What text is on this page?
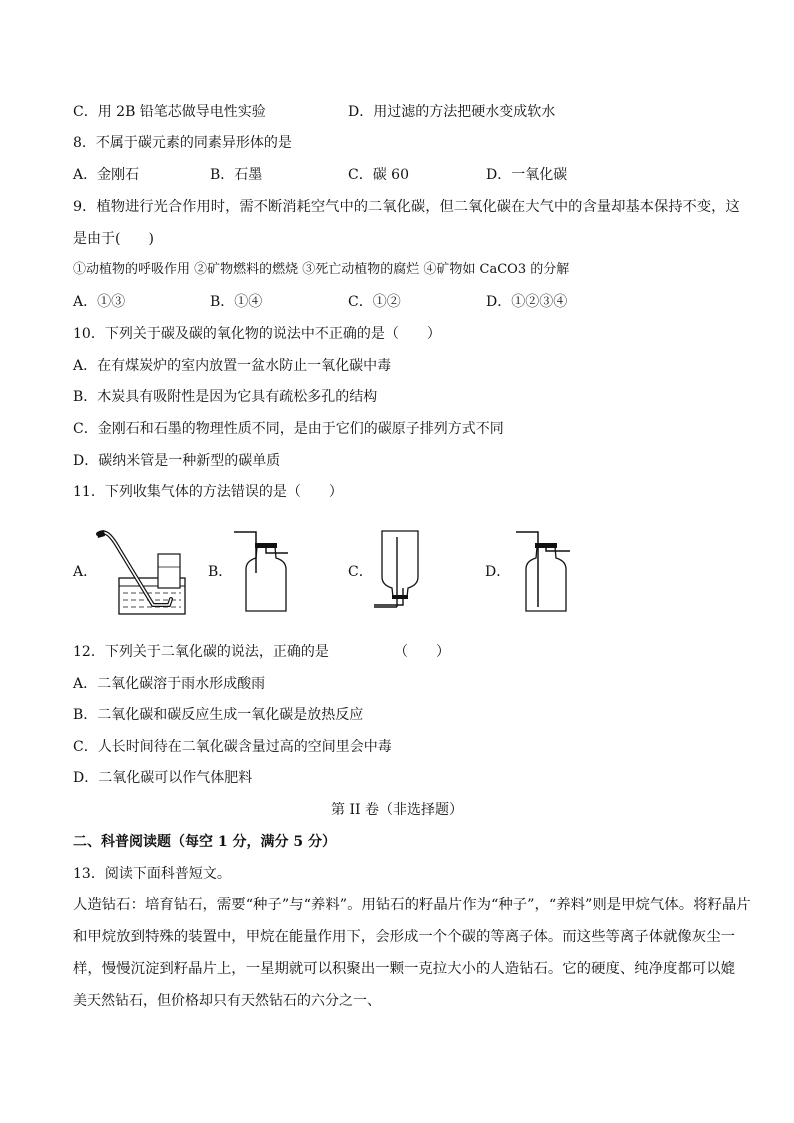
C．用 2B 铅笔芯做导电性实验	D．用过滤的方法把硬水变成软水
8．不属于碳元素的同素异形体的是
A．金刚石	B．石墨	C．碳 60	D．一氧化碳
9．植物进行光合作用时，需不断消耗空气中的二氧化碳，但二氧化碳在大气中的含量却基本保持不变，这
是由于(　　)
①动植物的呼吸作用 ②矿物燃料的燃烧 ③死亡动植物的腐烂 ④矿物如 CaCO3 的分解
A．①③	B．①④	C．①②	D．①②③④
10．下列关于碳及碳的氧化物的说法中不正确的是（　　）
A．在有煤炭炉的室内放置一盆水防止一氧化碳中毒
B．木炭具有吸附性是因为它具有疏松多孔的结构
C．金刚石和石墨的物理性质不同，是由于它们的碳原子排列方式不同
D．碳纳米管是一种新型的碳单质
11．下列收集气体的方法错误的是（　　）
A．	B．	C．	D．
12．下列关于二氧化碳的说法，正确的是	（　　）
A．二氧化碳溶于雨水形成酸雨
B．二氧化碳和碳反应生成一氧化碳是放热反应
C．人长时间待在二氧化碳含量过高的空间里会中毒
D．二氧化碳可以作气体肥料
第 II 卷（非选择题）
二、科普阅读题（每空 1 分，满分 5 分）
13．阅读下面科普短文。
人造钻石：培育钻石，需要“种子”与“养料”。用钻石的籽晶片作为“种子”，“养料”则是甲烷气体。将籽晶片
和甲烷放到特殊的装置中，甲烷在能量作用下，会形成一个个碳的等离子体。而这些等离子体就像灰尘一
样，慢慢沉淀到籽晶片上，一星期就可以积聚出一颗一克拉大小的人造钻石。它的硬度、纯净度都可以媲
美天然钻石，但价格却只有天然钻石的六分之一、
